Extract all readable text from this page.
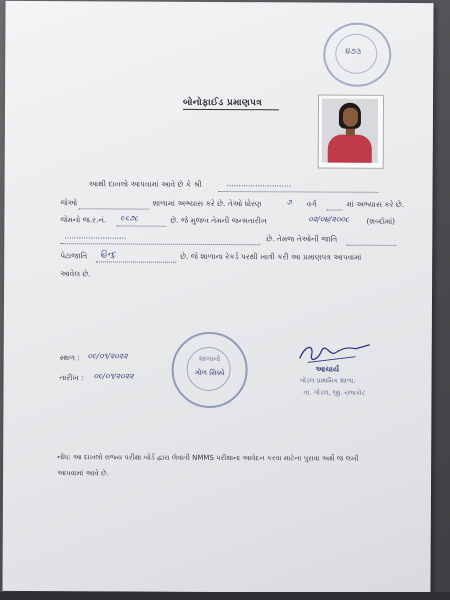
૪૭૩
બોનોફાઈડ પ્રમાણપત્ર
આથી દાખલો આપવામાં આવે છે કે શ્રી	...........................
જેઓ	શાળામાં અભ્યાસ કરે છે. તેઓ ધોરણ	૭ વર્ગ	માં અભ્યાસ કરે છે.
જેમનો જ.ર.નં. ૯૬૭૮	છે. જે મુજબ તેમની જન્મતારીખ	૦૨/૦૪/૨૦૦૮ (શબ્દોમાં)
..........................	છે. તેમજ તેઓની જાતિ
પેટાજાતિ હિન્દુ	છે. જે શાળાના રેકર્ડ પરથી ખાત્રી કરી આ પ્રમાણપત્ર આપવામાં
આવેલ છે.
સ્થળ : ૦૯/૦૧/૨૦૨૨
તારીખ : ૦૯/૦૧/૨૦૨૨
શાળાનો
ગોળ સિક્કો	આચાર્ય
ગોંડલ પ્રાથમિક શાળા,
તા. ગોંડલ, જી. રાજકોટ
નોંધ: આ દાખલો રાજ્ય પરીક્ષા બોર્ડ દ્વારા લેવાતી NMMS પરીક્ષાના આવેદન કરવા માટેના પુરાવા અર્થે જ લખી
આપવામાં આવે છે.
